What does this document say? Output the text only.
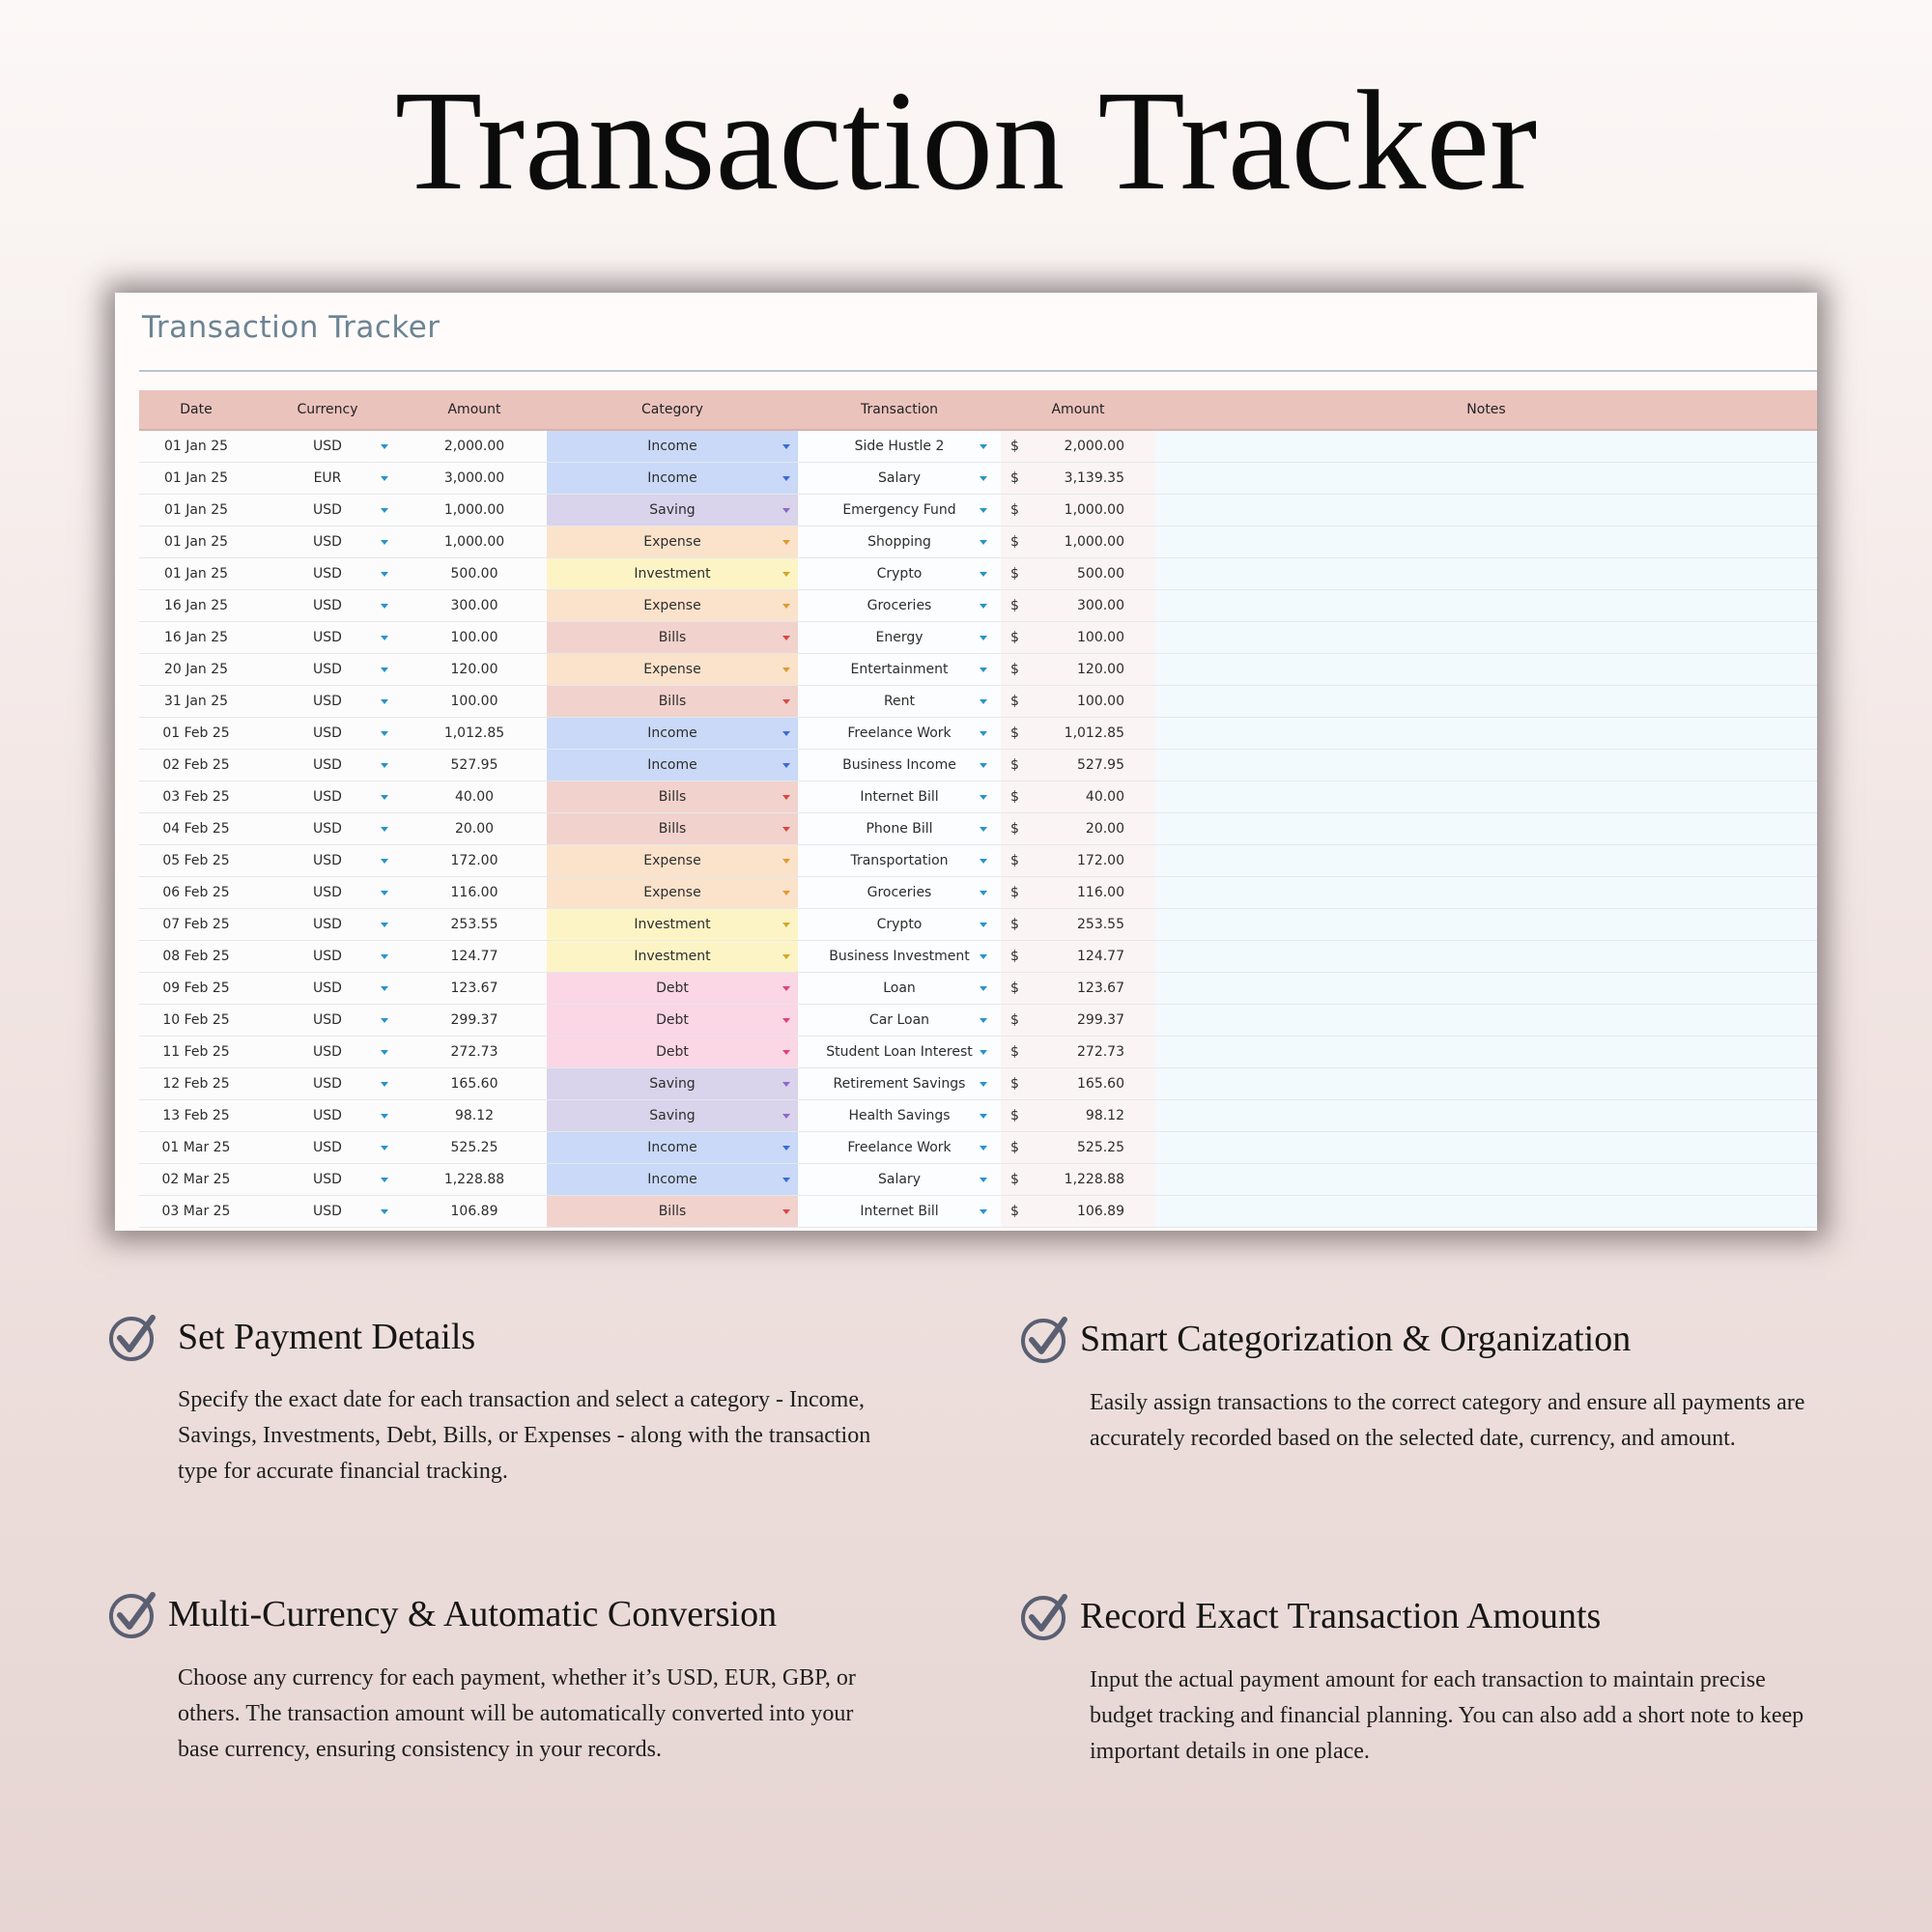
Transaction Tracker
Transaction Tracker
Date	Currency	Amount	Category	Transaction	Amount	Notes
01 Jan 25	USD	2,000.00	Income	Side Hustle 2	$ 2,000.00	

01 Jan 25	EUR	3,000.00	Income	Salary	$ 3,139.35	

01 Jan 25	USD	1,000.00	Saving	Emergency Fund	$ 1,000.00	

01 Jan 25	USD	1,000.00	Expense	Shopping	$ 1,000.00	

01 Jan 25	USD	500.00	Investment	Crypto	$ 500.00	

16 Jan 25	USD	300.00	Expense	Groceries	$ 300.00	

16 Jan 25	USD	100.00	Bills	Energy	$ 100.00	

20 Jan 25	USD	120.00	Expense	Entertainment	$ 120.00	

31 Jan 25	USD	100.00	Bills	Rent	$ 100.00	

01 Feb 25	USD	1,012.85	Income	Freelance Work	$ 1,012.85	

02 Feb 25	USD	527.95	Income	Business Income	$ 527.95	

03 Feb 25	USD	40.00	Bills	Internet Bill	$ 40.00	

04 Feb 25	USD	20.00	Bills	Phone Bill	$ 20.00	

05 Feb 25	USD	172.00	Expense	Transportation	$ 172.00	

06 Feb 25	USD	116.00	Expense	Groceries	$ 116.00	

07 Feb 25	USD	253.55	Investment	Crypto	$ 253.55	

08 Feb 25	USD	124.77	Investment	Business Investment	$ 124.77	

09 Feb 25	USD	123.67	Debt	Loan	$ 123.67	

10 Feb 25	USD	299.37	Debt	Car Loan	$ 299.37	

11 Feb 25	USD	272.73	Debt	Student Loan Interest	$ 272.73	

12 Feb 25	USD	165.60	Saving	Retirement Savings	$ 165.60	

13 Feb 25	USD	98.12	Saving	Health Savings	$ 98.12	

01 Mar 25	USD	525.25	Income	Freelance Work	$ 525.25	

02 Mar 25	USD	1,228.88	Income	Salary	$ 1,228.88	

03 Mar 25	USD	106.89	Bills	Internet Bill	$ 106.89	

Set Payment Details
Specify the exact date for each transaction and select a category - Income, Savings, Investments, Debt, Bills, or Expenses - along with the transaction type for accurate financial tracking.
Smart Categorization & Organization
Easily assign transactions to the correct category and ensure all payments are accurately recorded based on the selected date, currency, and amount.
Multi-Currency & Automatic Conversion
Choose any currency for each payment, whether it’s USD, EUR, GBP, or others. The transaction amount will be automatically converted into your base currency, ensuring consistency in your records.
Record Exact Transaction Amounts
Input the actual payment amount for each transaction to maintain precise budget tracking and financial planning. You can also add a short note to keep important details in one place.
